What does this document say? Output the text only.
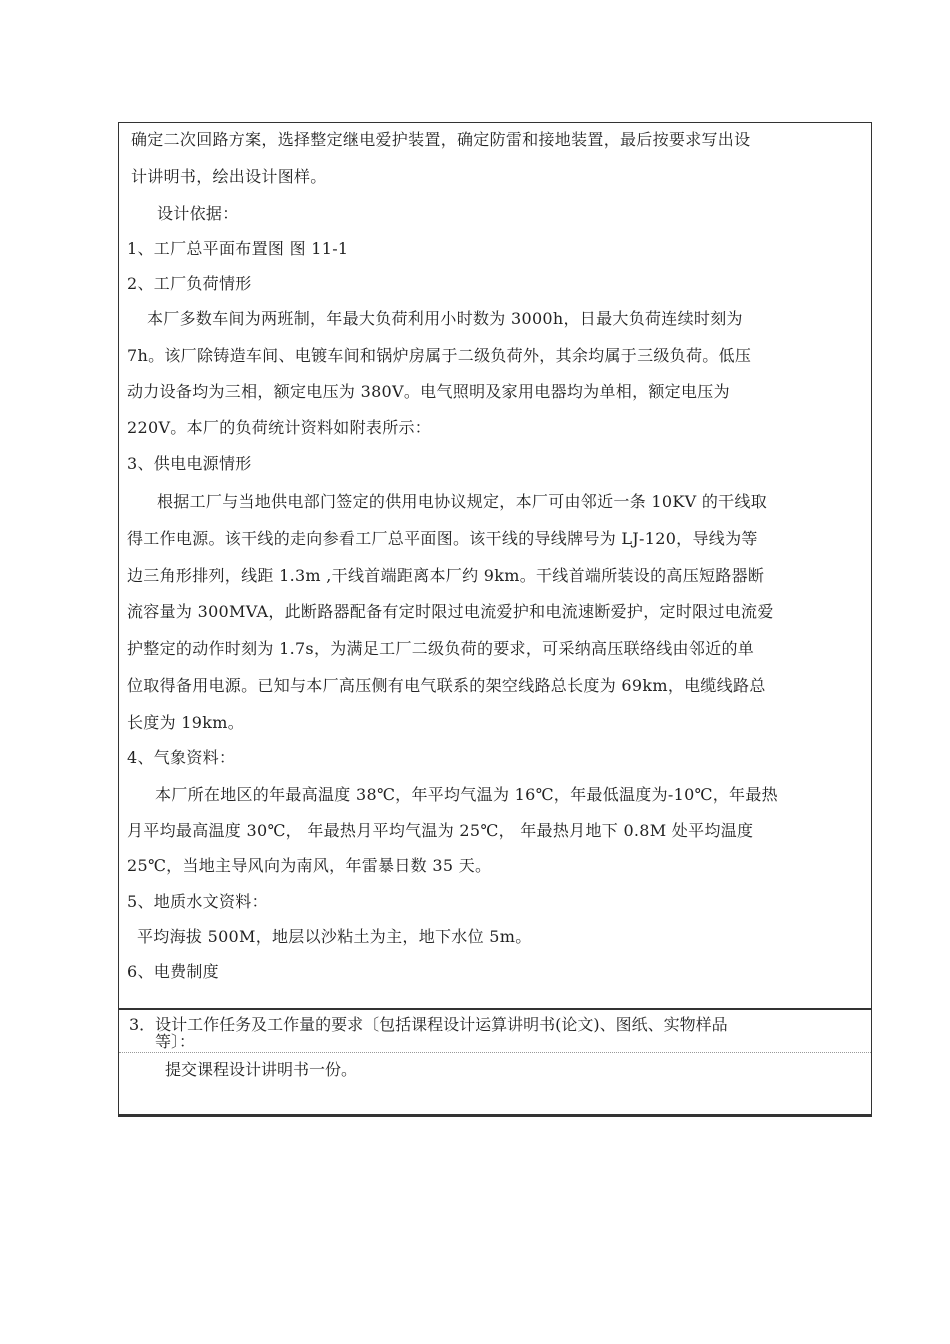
确定二次回路方案，选择整定继电爱护装置，确定防雷和接地装置，最后按要求写出设
计讲明书，绘出设计图样。
设计依据：
1、工厂总平面布置图 图 11-1
2、工厂负荷情形
本厂多数车间为两班制，年最大负荷利用小时数为 3000h，日最大负荷连续时刻为
7h。该厂除铸造车间、电镀车间和锅炉房属于二级负荷外，其余均属于三级负荷。低压
动力设备均为三相，额定电压为 380V。电气照明及家用电器均为单相，额定电压为
220V。本厂的负荷统计资料如附表所示：
3、供电电源情形
根据工厂与当地供电部门签定的供用电协议规定，本厂可由邻近一条 10KV 的干线取
得工作电源。该干线的走向参看工厂总平面图。该干线的导线牌号为 LJ-120，导线为等
边三角形排列，线距 1.3m ,干线首端距离本厂约 9km。干线首端所装设的高压短路器断
流容量为 300MVA，此断路器配备有定时限过电流爱护和电流速断爱护，定时限过电流爱
护整定的动作时刻为 1.7s，为满足工厂二级负荷的要求，可采纳高压联络线由邻近的单
位取得备用电源。已知与本厂高压侧有电气联系的架空线路总长度为 69km，电缆线路总
长度为 19km。
4、气象资料：
本厂所在地区的年最高温度 38℃，年平均气温为 16℃，年最低温度为-10℃，年最热
月平均最高温度 30℃， 年最热月平均气温为 25℃， 年最热月地下 0.8M 处平均温度
25℃，当地主导风向为南风，年雷暴日数 35 天。
5、地质水文资料：
平均海拔 500M，地层以沙粘土为主，地下水位 5m。
6、电费制度
3．设计工作任务及工作量的要求〔包括课程设计运算讲明书(论文)、图纸、实物样品
等〕：
提交课程设计讲明书一份。
